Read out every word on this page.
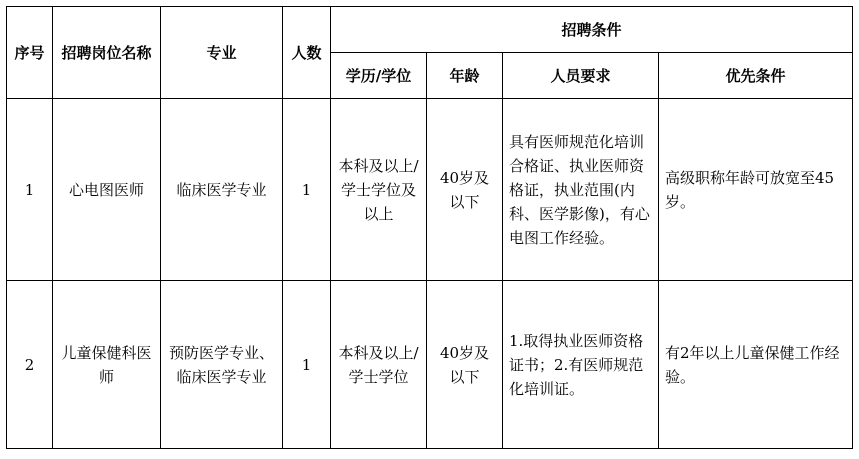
序号	招聘岗位名称	专业	人数	招聘条件			
				学历/学位	年龄	人员要求	优先条件
1	心电图医师	临床医学专业	1	本科及以上/学士学位及以上	40岁及以下	具有医师规范化培训合格证、执业医师资格证，执业范围(内科、医学影像)，有心电图工作经验。	高级职称年龄可放宽至45岁。
2	儿童保健科医师	预防医学专业、临床医学专业	1	本科及以上/学士学位	40岁及以下	1.取得执业医师资格证书；2.有医师规范化培训证。	有2年以上儿童保健工作经验。
